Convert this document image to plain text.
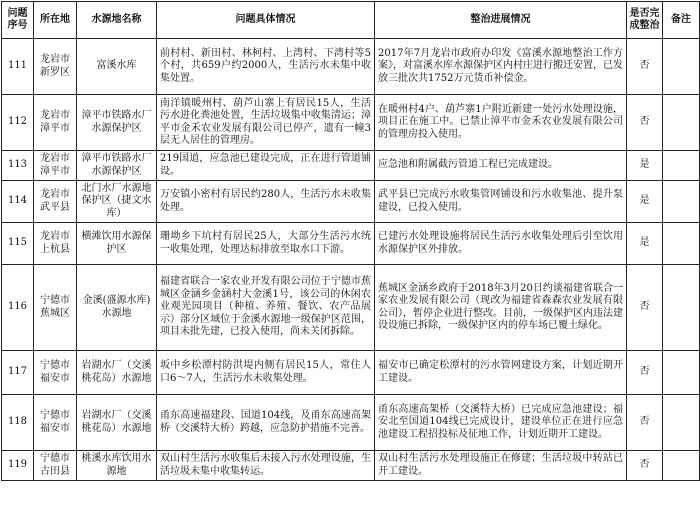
问题序号	所在地	水源地名称	问题具体情况	整治进展情况	是否完成整治	备注
111	龙岩市新罗区	富溪水库	前村村、新田村、林柯村、上湾村、下湾村等5个村，共659户约2000人，生活污水未集中收集处置。	2017年7月龙岩市政府办印发《富溪水源地整治工作方案》，对富溪水库水源保护区内村庄进行搬迁安置，已发放三批次共1752万元货币补偿金。	否	
112	龙岩市漳平市	漳平市铁路水厂水源保护区	南洋镇暖州村、葫芦山寨上有居民15人，生活污水进化粪池处置，生活垃圾集中收集清运；漳平市金禾农业发展有限公司已停产，遗有一幢3层无人居住的管理房。	在暖州村4户、葫芦寨1户附近新建一处污水处理设施，项目正在施工中。已禁止漳平市金禾农业发展有限公司的管理房投入使用。	否	
113	龙岩市漳平市	漳平市铁路水厂水源保护区	219国道，应急池已建设完成，正在进行管道铺设。	应急池和附属截污管道工程已完成建设。	是	
114	龙岩市武平县	北门水厂水源地保护区（捷文水库）	万安镇小密村有居民约280人，生活污水未收集处理。	武平县已完成污水收集管网铺设和污水收集池、提升泵建设，已投入使用。	是	
115	龙岩市上杭县	横滩饮用水源保护区	珊坳乡下坑村有居民25人，大部分生活污水统一收集处理，处理达标排放至取水口下游。	已建污水处理设施将居民生活污水收集处理后引至饮用水源保护区外排放。	是	
116	宁德市蕉城区	金溪(盛源水库)水源地	福建省联合一家农业开发有限公司位于宁德市蕉城区金涵乡金涵村大金溪1号，该公司的休闲农业观光园项目（种植、养殖、餐饮、农产品展示）部分区域位于金溪水源地一级保护区范围，项目未批先建，已投入使用，尚未关闭拆除。	蕉城区金涵乡政府于2018年3月20日约谈福建省联合一家农业发展有限公司（现改为福建省森森农业发展有限公司），暂停企业进行整改。目前，一级保护区内违法建设设施已拆除，一级保护区内的停车场已覆土绿化。	否	
117	宁德市福安市	岩湖水厂（交溪桃花岛）水源地	坂中乡松潭村防洪堤内侧有居民15人，常住人口6～7人，生活污水未收集处理。	福安市已确定松潭村的污水管网建设方案，计划近期开工建设。	否	
118	宁德市福安市	岩湖水厂（交溪桃花岛）水源地	甬东高速福建段、国道104线，及甬东高速高架桥（交溪特大桥）跨越，应急防护措施不完善。	甬东高速高架桥（交溪特大桥）已完成应急池建设；福安北至国道104线已完成设计，建设单位正在进行应急池建设工程招投标及征地工作，计划近期开工建设。	否	
119	宁德市古田县	桃溪水库饮用水源地	双山村生活污水收集后未接入污水处理设施，生活垃圾未集中收集转运。	双山村生活污水处理设施正在修建；生活垃圾中转站已开工建设。	否	
